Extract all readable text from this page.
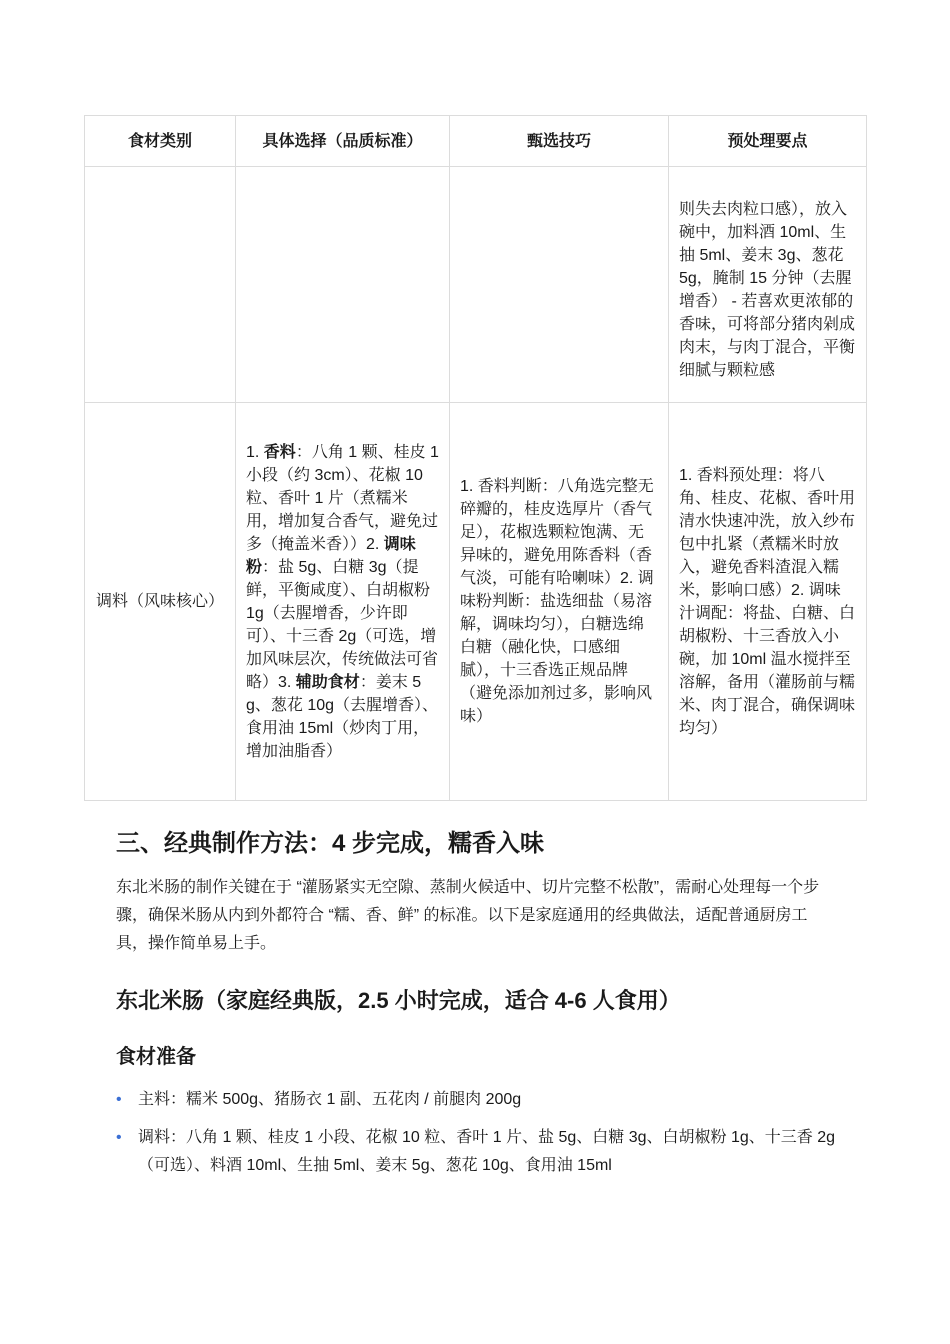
食材类别	具体选择（品质标准）	甄选技巧	预处理要点

			则失去肉粒口感），放入碗中，加料酒 10ml、生抽 5ml、姜末 3g、葱花 5g，腌制 15 分钟（去腥增香） - 若喜欢更浓郁的香味，可将部分猪肉剁成肉末，与肉丁混合，平衡细腻与颗粒感

调料（风味核心）	1. 香料：八角 1 颗、桂皮 1 小段（约 3cm）、花椒 10 粒、香叶 1 片（煮糯米用，增加复合香气，避免过多（掩盖米香））2. 调味粉：盐 5g、白糖 3g（提鲜，平衡咸度）、白胡椒粉 1g（去腥增香，少许即可）、十三香 2g（可选，增加风味层次，传统做法可省略）3. 辅助食材：姜末 5g、葱花 10g（去腥增香）、食用油 15ml（炒肉丁用，增加油脂香）	1. 香料判断：八角选完整无碎瓣的，桂皮选厚片（香气足），花椒选颗粒饱满、无异味的，避免用陈香料（香气淡，可能有哈喇味）2. 调味粉判断：盐选细盐（易溶解，调味均匀），白糖选绵白糖（融化快，口感细腻），十三香选正规品牌（避免添加剂过多，影响风味）	1. 香料预处理：将八角、桂皮、花椒、香叶用清水快速冲洗，放入纱布包中扎紧（煮糯米时放入，避免香料渣混入糯米，影响口感）2. 调味汁调配：将盐、白糖、白胡椒粉、十三香放入小碗，加 10ml 温水搅拌至溶解，备用（灌肠前与糯米、肉丁混合，确保调味均匀）
三、经典制作方法：4 步完成，糯香入味

东北米肠的制作关键在于 “灌肠紧实无空隙、蒸制火候适中、切片完整不松散”，需耐心处理每一个步骤，确保米肠从内到外都符合 “糯、香、鲜” 的标准。以下是家庭通用的经典做法，适配普通厨房工具，操作简单易上手。

东北米肠（家庭经典版，2.5 小时完成，适合 4-6 人食用）
食材准备
• 主料：糯米 500g、猪肠衣 1 副、五花肉 / 前腿肉 200g
• 调料：八角 1 颗、桂皮 1 小段、花椒 10 粒、香叶 1 片、盐 5g、白糖 3g、白胡椒粉 1g、十三香 2g（可选）、料酒 10ml、生抽 5ml、姜末 5g、葱花 10g、食用油 15ml
